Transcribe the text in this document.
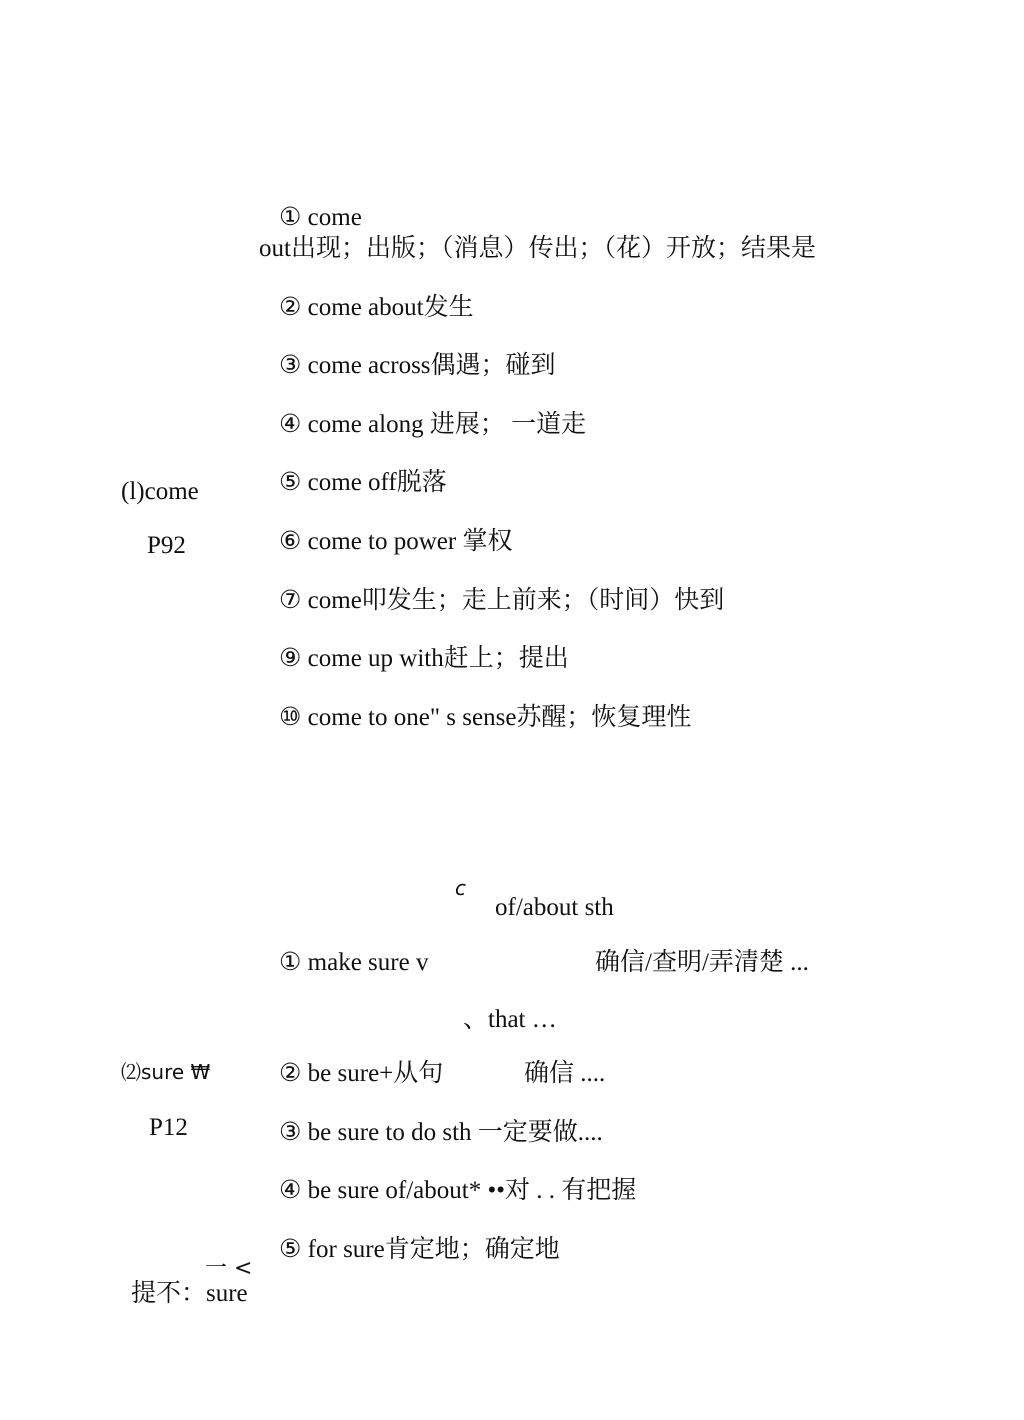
① come
out出现；出版；（消息）传出；（花）开放；结果是
② come about发生
③ come across偶遇；碰到
④ come along 进展； 一道走
⑤ come off脱落
⑥ come to power 掌权
⑦ come叩发生；走上前来；（时间）快到
⑨ come up with赶上；提出
⑩ come to one" s sense苏醒；恢复理性
(l)come
P92
c
of/about sth
① make sure v	确信/查明/弄清楚 ...
、that …
⑵sure ₩
P12
② be sure+从句	确信 ....
③ be sure to do sth 一定要做....
④ be sure of/about* ••对 . . 有把握
⑤ for sure肯定地；确定地
一 <
提不：sure
